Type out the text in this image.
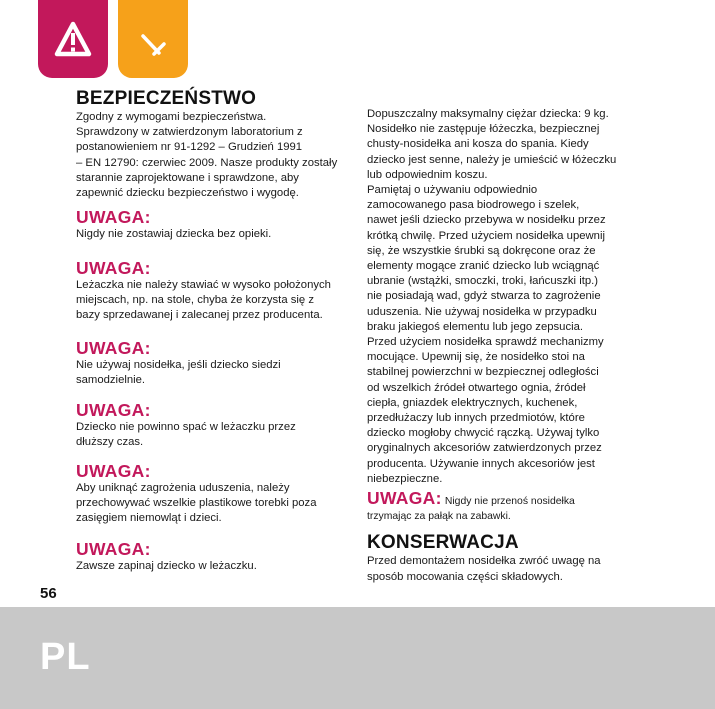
BEZPIECZEŃSTWO

Zgodny z wymogami bezpieczeństwa.
Sprawdzony w zatwierdzonym laboratorium z
postanowieniem nr 91-1292 – Grudzień 1991
– EN 12790: czerwiec 2009. Nasze produkty zostały
starannie zaprojektowane i sprawdzone, aby
zapewnić dziecku bezpieczeństwo i wygodę.

UWAGA:

Nigdy nie zostawiaj dziecka bez opieki.

UWAGA:

Leżaczka nie należy stawiać w wysoko położonych
miejscach, np. na stole, chyba że korzysta się z
bazy sprzedawanej i zalecanej przez producenta.

UWAGA:

Nie używaj nosidełka, jeśli dziecko siedzi
samodzielnie.

UWAGA:

Dziecko nie powinno spać w leżaczku przez
dłuższy czas.

UWAGA:

Aby uniknąć zagrożenia uduszenia, należy
przechowywać wszelkie plastikowe torebki poza
zasięgiem niemowląt i dzieci.

UWAGA:

Zawsze zapinaj dziecko w leżaczku.

Dopuszczalny maksymalny ciężar dziecka: 9 kg.
Nosidełko nie zastępuje łóżeczka, bezpiecznej
chusty-nosidełka ani kosza do spania. Kiedy
dziecko jest senne, należy je umieścić w łóżeczku
lub odpowiednim koszu.
Pamiętaj o używaniu odpowiednio
zamocowanego pasa biodrowego i szelek,
nawet jeśli dziecko przebywa w nosidełku przez
krótką chwilę. Przed użyciem nosidełka upewnij
się, że wszystkie śrubki są dokręcone oraz że
elementy mogące zranić dziecko lub wciągnąć
ubranie (wstążki, smoczki, troki, łańcuszki itp.)
nie posiadają wad, gdyż stwarza to zagrożenie
uduszenia. Nie używaj nosidełka w przypadku
braku jakiegoś elementu lub jego zepsucia.
Przed użyciem nosidełka sprawdź mechanizmy
mocujące. Upewnij się, że nosidełko stoi na
stabilnej powierzchni w bezpiecznej odległości
od wszelkich źródeł otwartego ognia, źródeł
ciepła, gniazdek elektrycznych, kuchenek,
przedłużaczy lub innych przedmiotów, które
dziecko mogłoby chwycić rączką. Używaj tylko
oryginalnych akcesoriów zatwierdzonych przez
producenta. Używanie innych akcesoriów jest
niebezpieczne.

UWAGA: Nigdy nie przenoś nosidełka
trzymając za pałąk na zabawki.

KONSERWACJA

Przed demontażem nosidełka zwróć uwagę na
sposób mocowania części składowych.

56
PL
